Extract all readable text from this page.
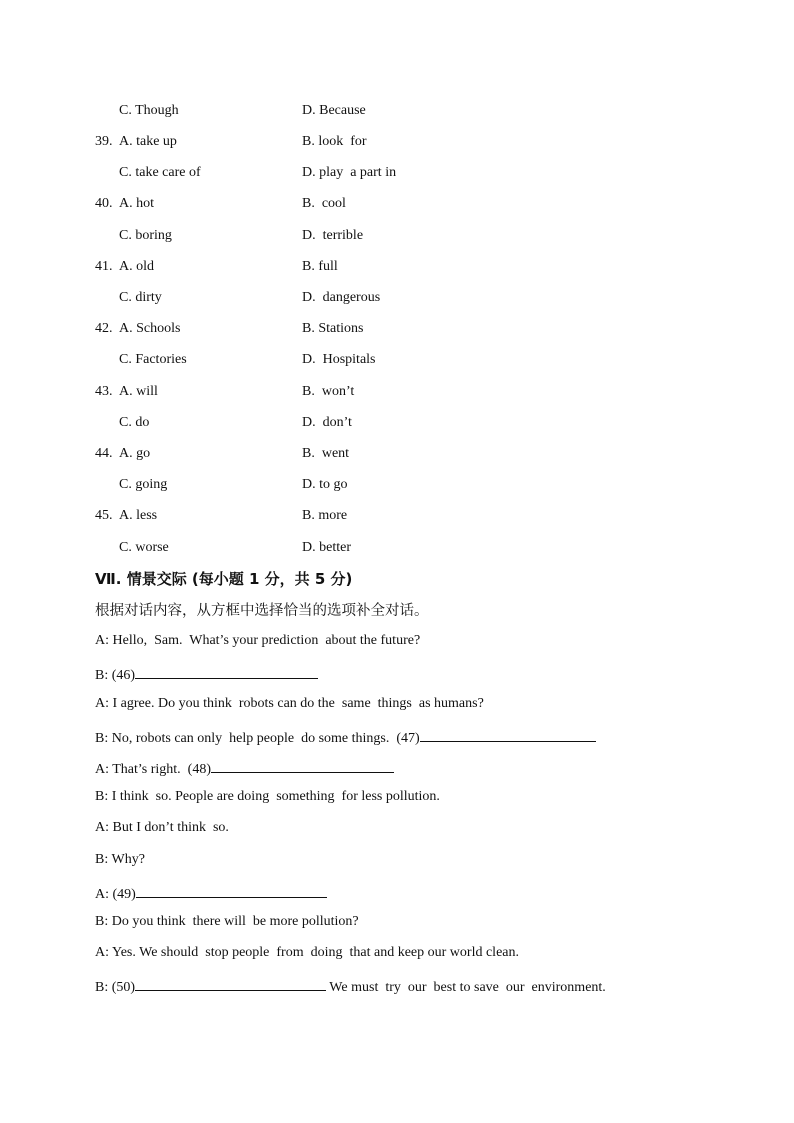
C. Though	D. Because
39. A. take up	B. look  for
C. take care of	D. play  a part in
40. A. hot	B.  cool
C. boring	D.  terrible
41. A. old	B. full
C. dirty	D.  dangerous
42. A. Schools	B. Stations
C. Factories	D.  Hospitals
43. A. will	B.  won’t
C. do	D.  don’t
44. A. go	B.  went
C. going	D. to go
45. A. less	B. more
C. worse	D. better
Ⅶ. 情景交际 (每小题 1 分，共 5 分)
根据对话内容，从方框中选择恰当的选项补全对话。
A: Hello,  Sam.  What’s your prediction  about the future?
B: (46)
A: I agree. Do you think  robots can do the  same  things  as humans?
B: No, robots can only  help people  do some things.  (47)
A: That’s right.  (48)
B: I think  so. People are doing  something  for less pollution.
A: But I don’t think  so.
B: Why?
A: (49)
B: Do you think  there will  be more pollution?
A: Yes. We should  stop people  from  doing  that and keep our world clean.
B: (50)	We must  try  our  best to save  our  environment.
